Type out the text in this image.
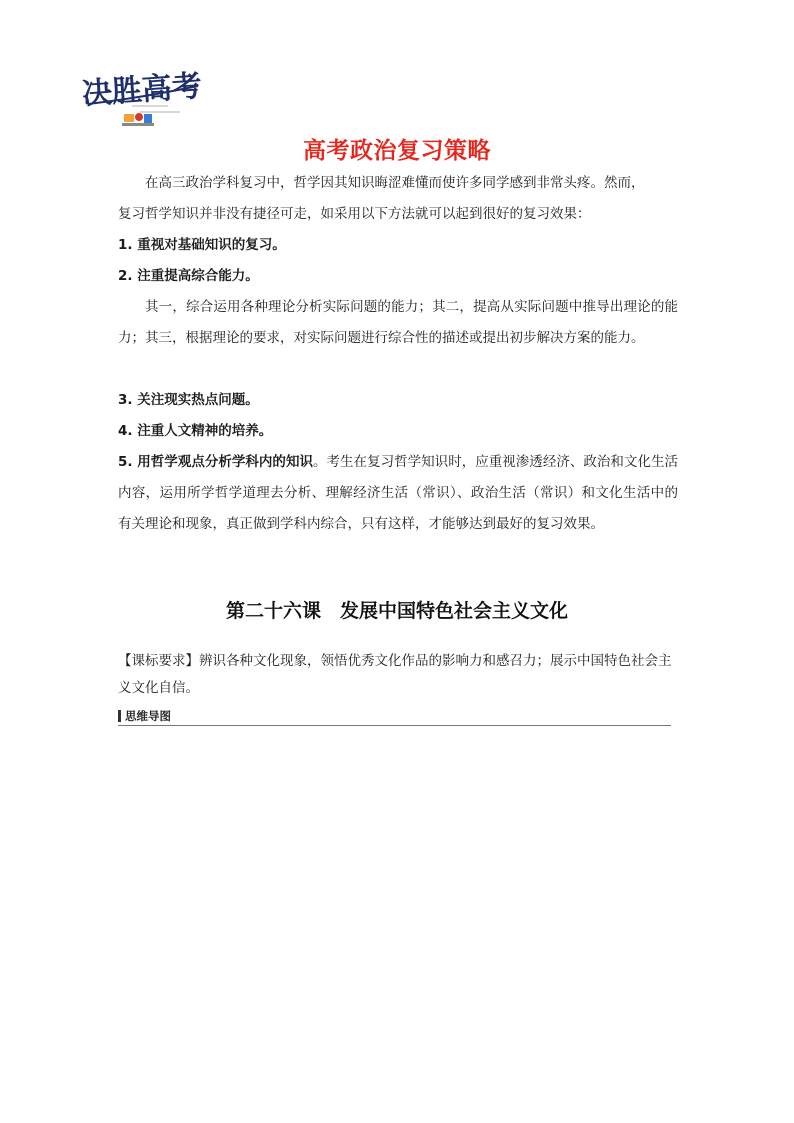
决胜高考
高考政治复习策略

在高三政治学科复习中，哲学因其知识晦涩难懂而使许多同学感到非常头疼。然而，

复习哲学知识并非没有捷径可走，如采用以下方法就可以起到很好的复习效果：

1. 重视对基础知识的复习。

2. 注重提高综合能力。

其一，综合运用各种理论分析实际问题的能力；其二，提高从实际问题中推导出理论的能力；其三，根据理论的要求，对实际问题进行综合性的描述或提出初步解决方案的能力。

3. 关注现实热点问题。

4. 注重人文精神的培养。

5. 用哲学观点分析学科内的知识。考生在复习哲学知识时，应重视渗透经济、政治和文化生活内容，运用所学哲学道理去分析、理解经济生活（常识）、政治生活（常识）和文化生活中的有关理论和现象，真正做到学科内综合，只有这样，才能够达到最好的复习效果。

第二十六课　发展中国特色社会主义文化

【课标要求】辨识各种文化现象，领悟优秀文化作品的影响力和感召力；展示中国特色社会主义文化自信。

思维导图
